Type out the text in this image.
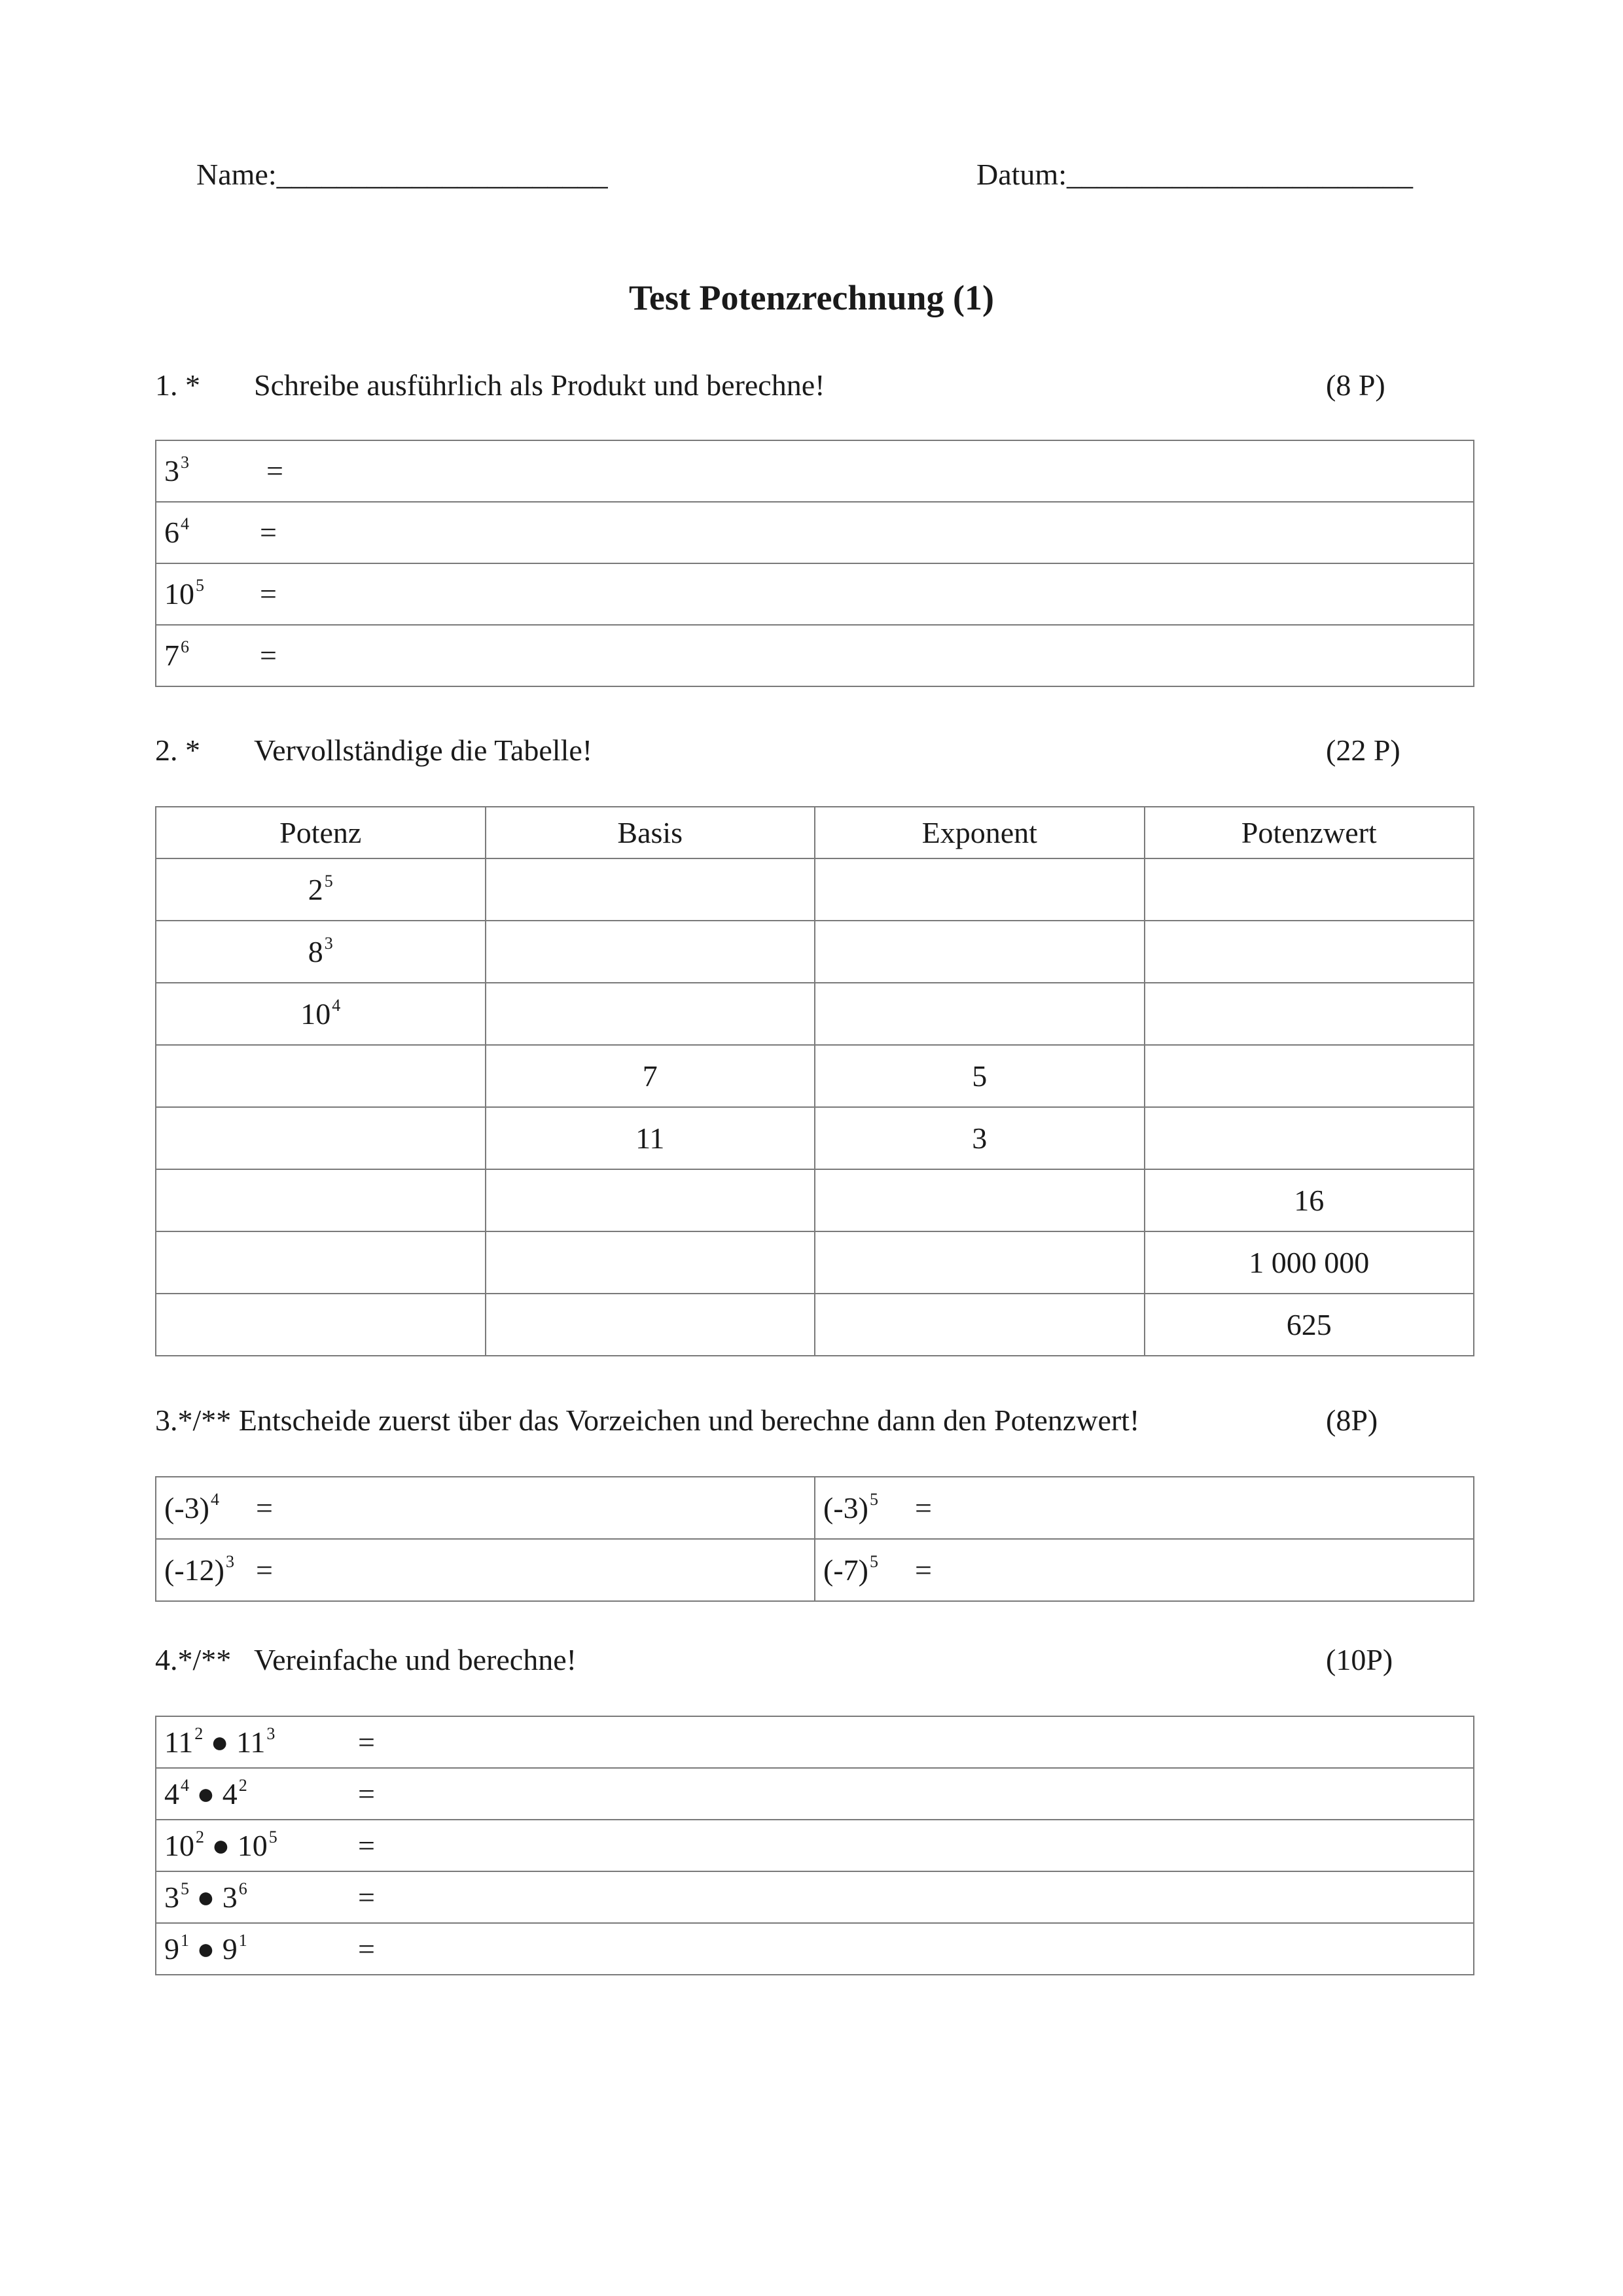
Name:______________________	Datum:_______________________
Test Potenzrechnung (1)
1. * Schreibe ausführlich als Produkt und berechne!	(8 P)
$3^3$	=
$6^4$ =
$10^5$ =
$7^6$ =
2. * Vervollständige die Tabelle!	(22 P)
Potenz	Basis	Exponent	Potenzwert
$2^5$			
$8^3$			
$10^4$			
	7	5	
	11	3	
			16
			1 000 000
			625
3.*/** Entscheide zuerst über das Vorzeichen und berechne dann den Potenzwert!	(8P)
$(-3)^4$ =	$(-3)^5$ =
$(-12)^3$ =	$(-7)^5$ =
4.*/** Vereinfache und berechne!	(10P)
$11^2$ ● $11^3$	=
$4^4$ ● $4^2$	=
$10^2$ ● $10^5$	=
$3^5$ ● $3^6$	=
$9^1$ ● $9^1$	=
